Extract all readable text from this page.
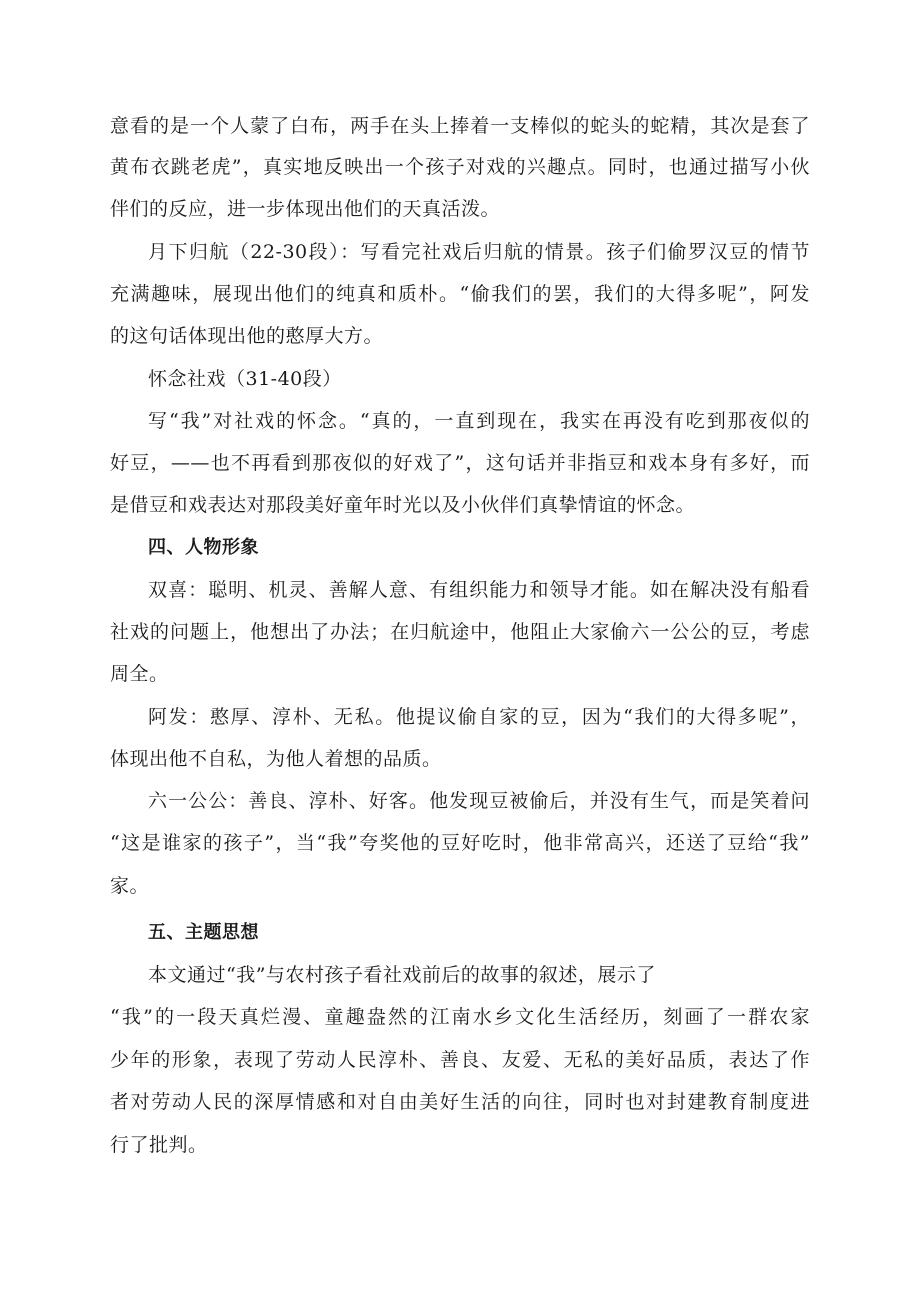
意看的是一个人蒙了白布，两手在头上捧着一支棒似的蛇头的蛇精，其次是套了
黄布衣跳老虎”，真实地反映出一个孩子对戏的兴趣点。同时，也通过描写小伙
伴们的反应，进一步体现出他们的天真活泼。
月下归航（22-30段）：写看完社戏后归航的情景。孩子们偷罗汉豆的情节
充满趣味，展现出他们的纯真和质朴。“偷我们的罢，我们的大得多呢”，阿发
的这句话体现出他的憨厚大方。
怀念社戏（31-40段）
写“我”对社戏的怀念。“真的，一直到现在，我实在再没有吃到那夜似的
好豆，——也不再看到那夜似的好戏了”，这句话并非指豆和戏本身有多好，而
是借豆和戏表达对那段美好童年时光以及小伙伴们真挚情谊的怀念。
四、人物形象
双喜：聪明、机灵、善解人意、有组织能力和领导才能。如在解决没有船看
社戏的问题上，他想出了办法；在归航途中，他阻止大家偷六一公公的豆，考虑
周全。
阿发：憨厚、淳朴、无私。他提议偷自家的豆，因为“我们的大得多呢”，
体现出他不自私，为他人着想的品质。
六一公公：善良、淳朴、好客。他发现豆被偷后，并没有生气，而是笑着问
“这是谁家的孩子”，当“我”夸奖他的豆好吃时，他非常高兴，还送了豆给“我”
家。
五、主题思想
本文通过“我”与农村孩子看社戏前后的故事的叙述，展示了
“我”的一段天真烂漫、童趣盎然的江南水乡文化生活经历，刻画了一群农家
少年的形象，表现了劳动人民淳朴、善良、友爱、无私的美好品质，表达了作
者对劳动人民的深厚情感和对自由美好生活的向往，同时也对封建教育制度进
行了批判。
